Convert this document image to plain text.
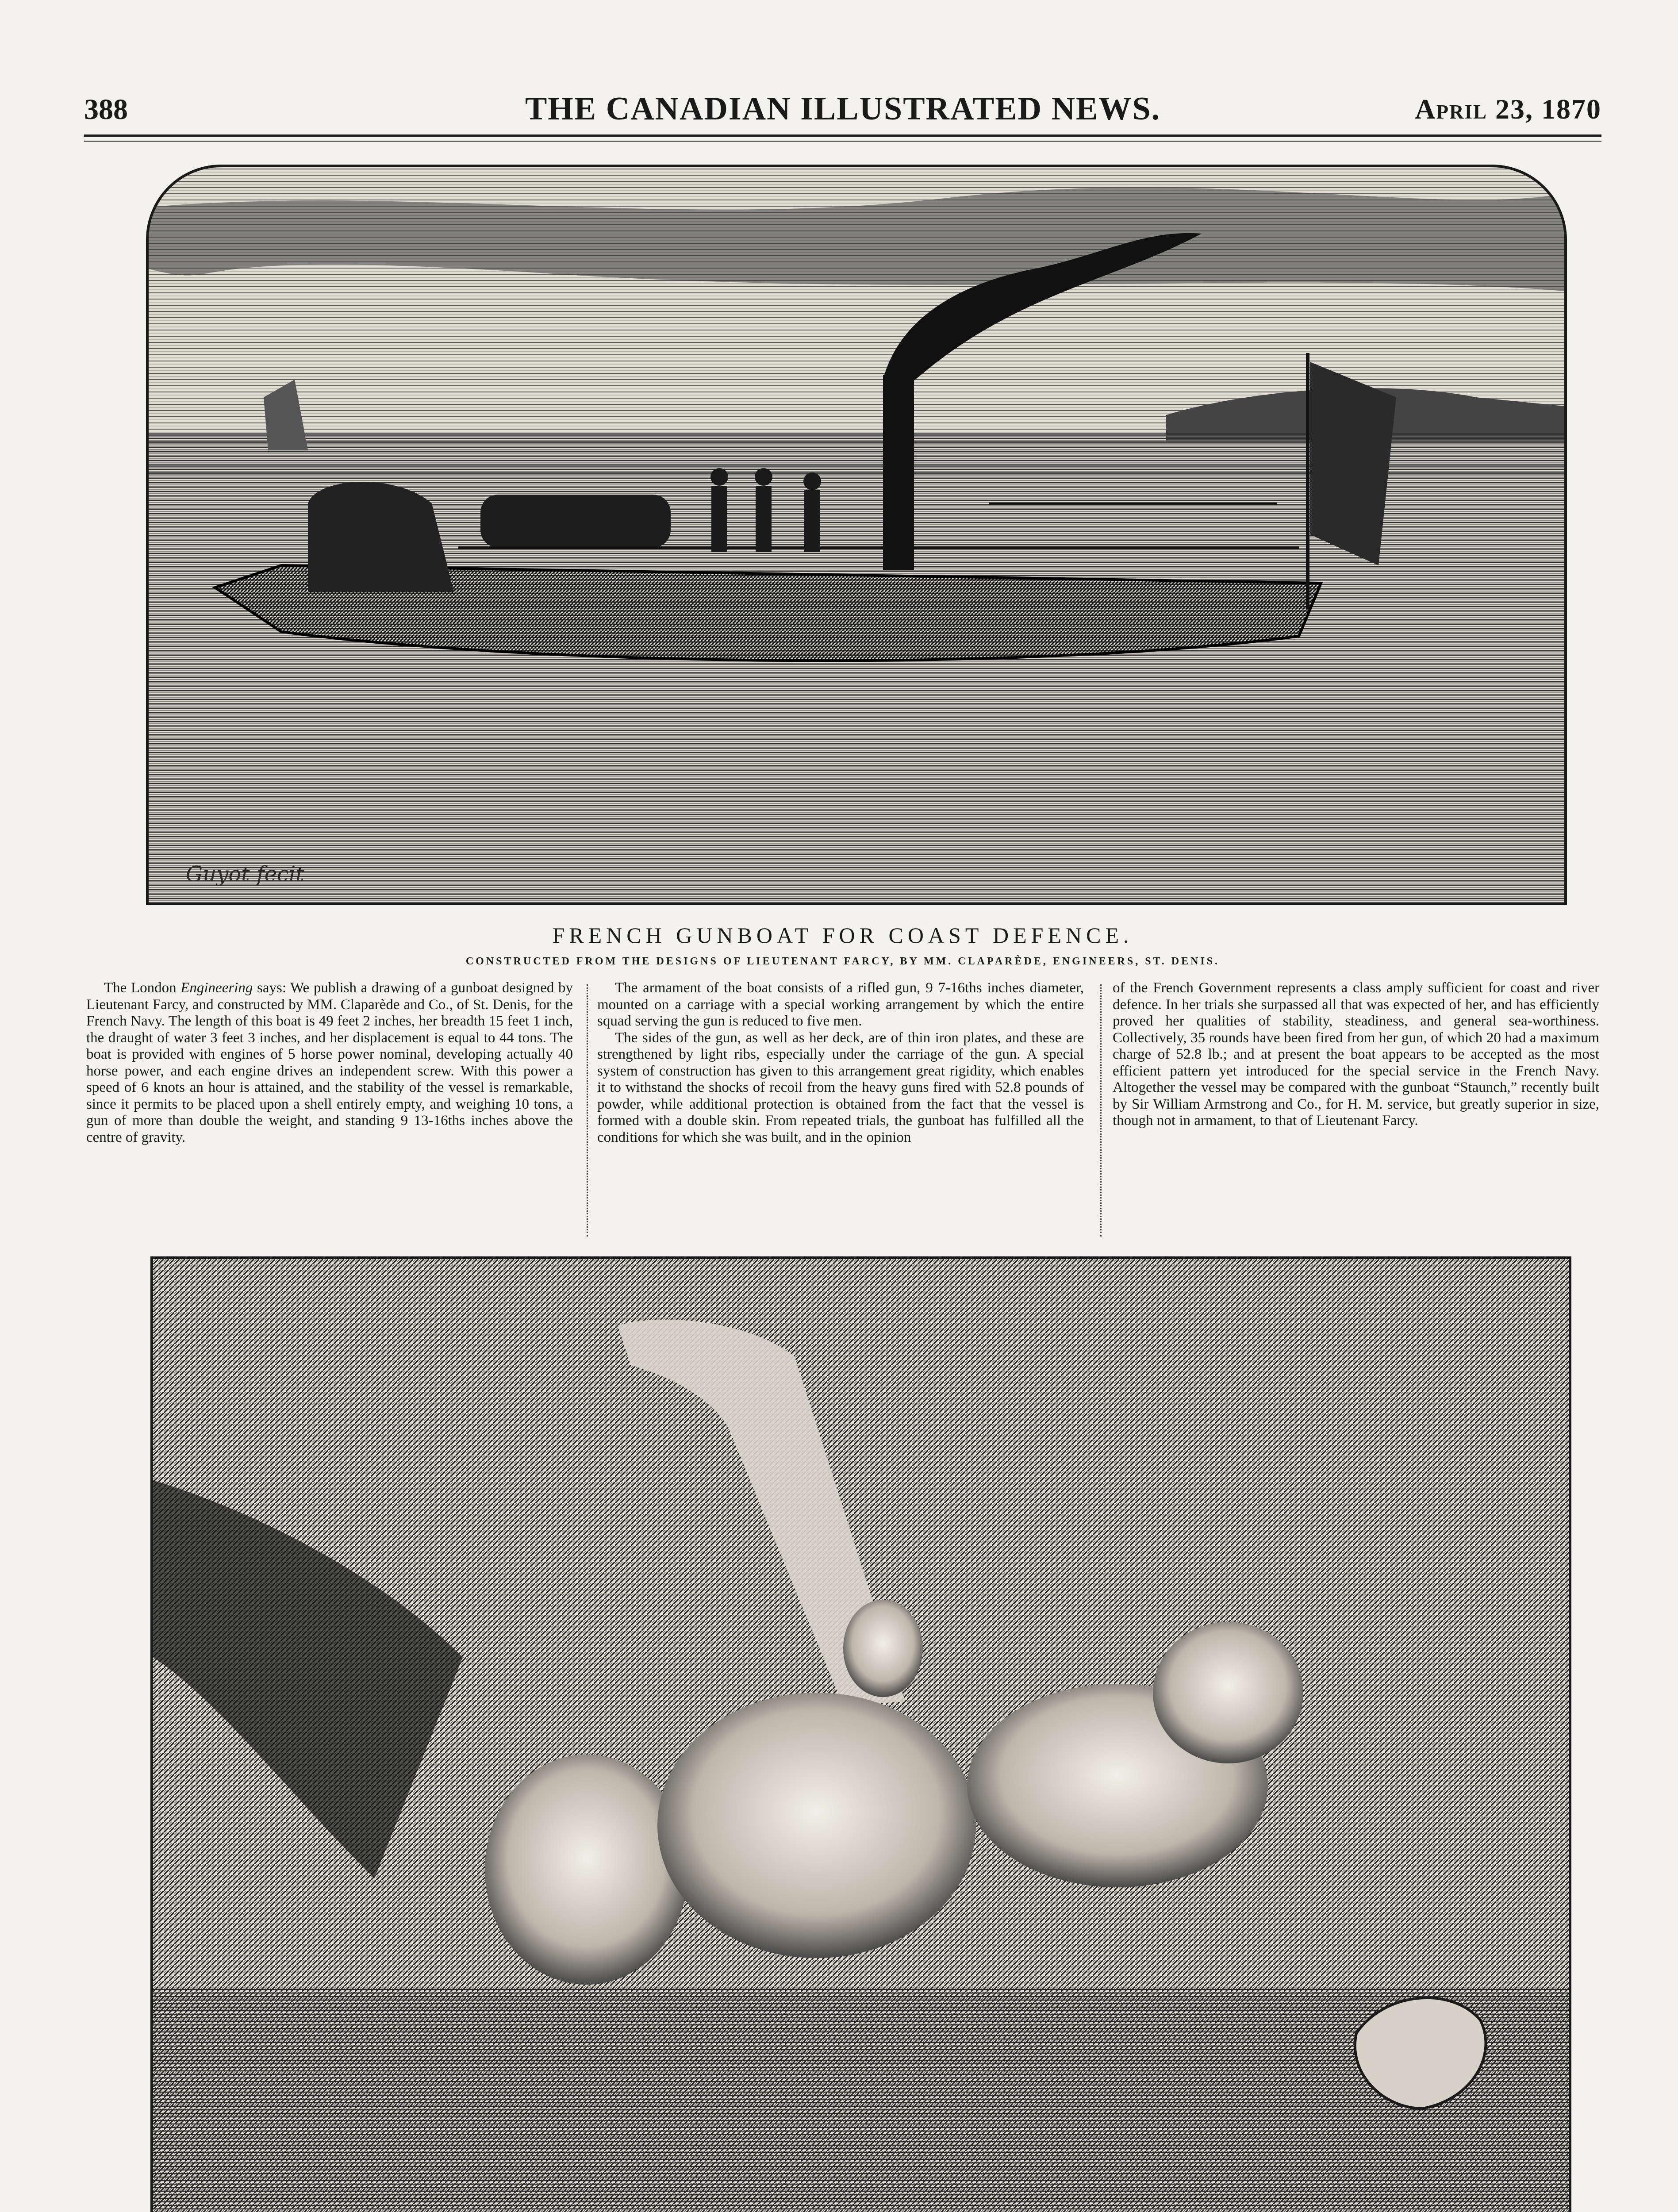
388	THE CANADIAN ILLUSTRATED NEWS.	April 23, 1870
Guyot fecit
FRENCH GUNBOAT FOR COAST DEFENCE.
CONSTRUCTED FROM THE DESIGNS OF LIEUTENANT FARCY, BY MM. CLAPARÈDE, ENGINEERS, ST. DENIS.

The London Engineering says: We publish a drawing of a gunboat designed by Lieutenant Farcy, and constructed by MM. Claparède and Co., of St. Denis, for the French Navy. The length of this boat is 49 feet 2 inches, her breadth 15 feet 1 inch, the draught of water 3 feet 3 inches, and her displacement is equal to 44 tons. The boat is provided with engines of 5 horse power nominal, developing actually 40 horse power, and each engine drives an independent screw. With this power a speed of 6 knots an hour is attained, and the stability of the vessel is remarkable, since it permits to be placed upon a shell entirely empty, and weighing 10 tons, a gun of more than double the weight, and standing 9 13-16ths inches above the centre of gravity.

The armament of the boat consists of a rifled gun, 9 7-16ths inches diameter, mounted on a carriage with a special working arrangement by which the entire squad serving the gun is reduced to five men.

The sides of the gun, as well as her deck, are of thin iron plates, and these are strengthened by light ribs, especially under the carriage of the gun. A special system of construction has given to this arrangement great rigidity, which enables it to withstand the shocks of recoil from the heavy guns fired with 52.8 pounds of powder, while additional protection is obtained from the fact that the vessel is formed with a double skin. From repeated trials, the gunboat has fulfilled all the conditions for which she was built, and in the opinion

of the French Government represents a class amply sufficient for coast and river defence. In her trials she surpassed all that was expected of her, and has efficiently proved her qualities of stability, steadiness, and general sea-worthiness. Collectively, 35 rounds have been fired from her gun, of which 20 had a maximum charge of 52.8 lb.; and at present the boat appears to be accepted as the most efficient pattern yet introduced for the special service in the French Navy. Altogether the vessel may be compared with the gunboat “Staunch,” recently built by Sir William Armstrong and Co., for H. M. service, but greatly superior in size, though not in armament, to that of Lieutenant Farcy.
